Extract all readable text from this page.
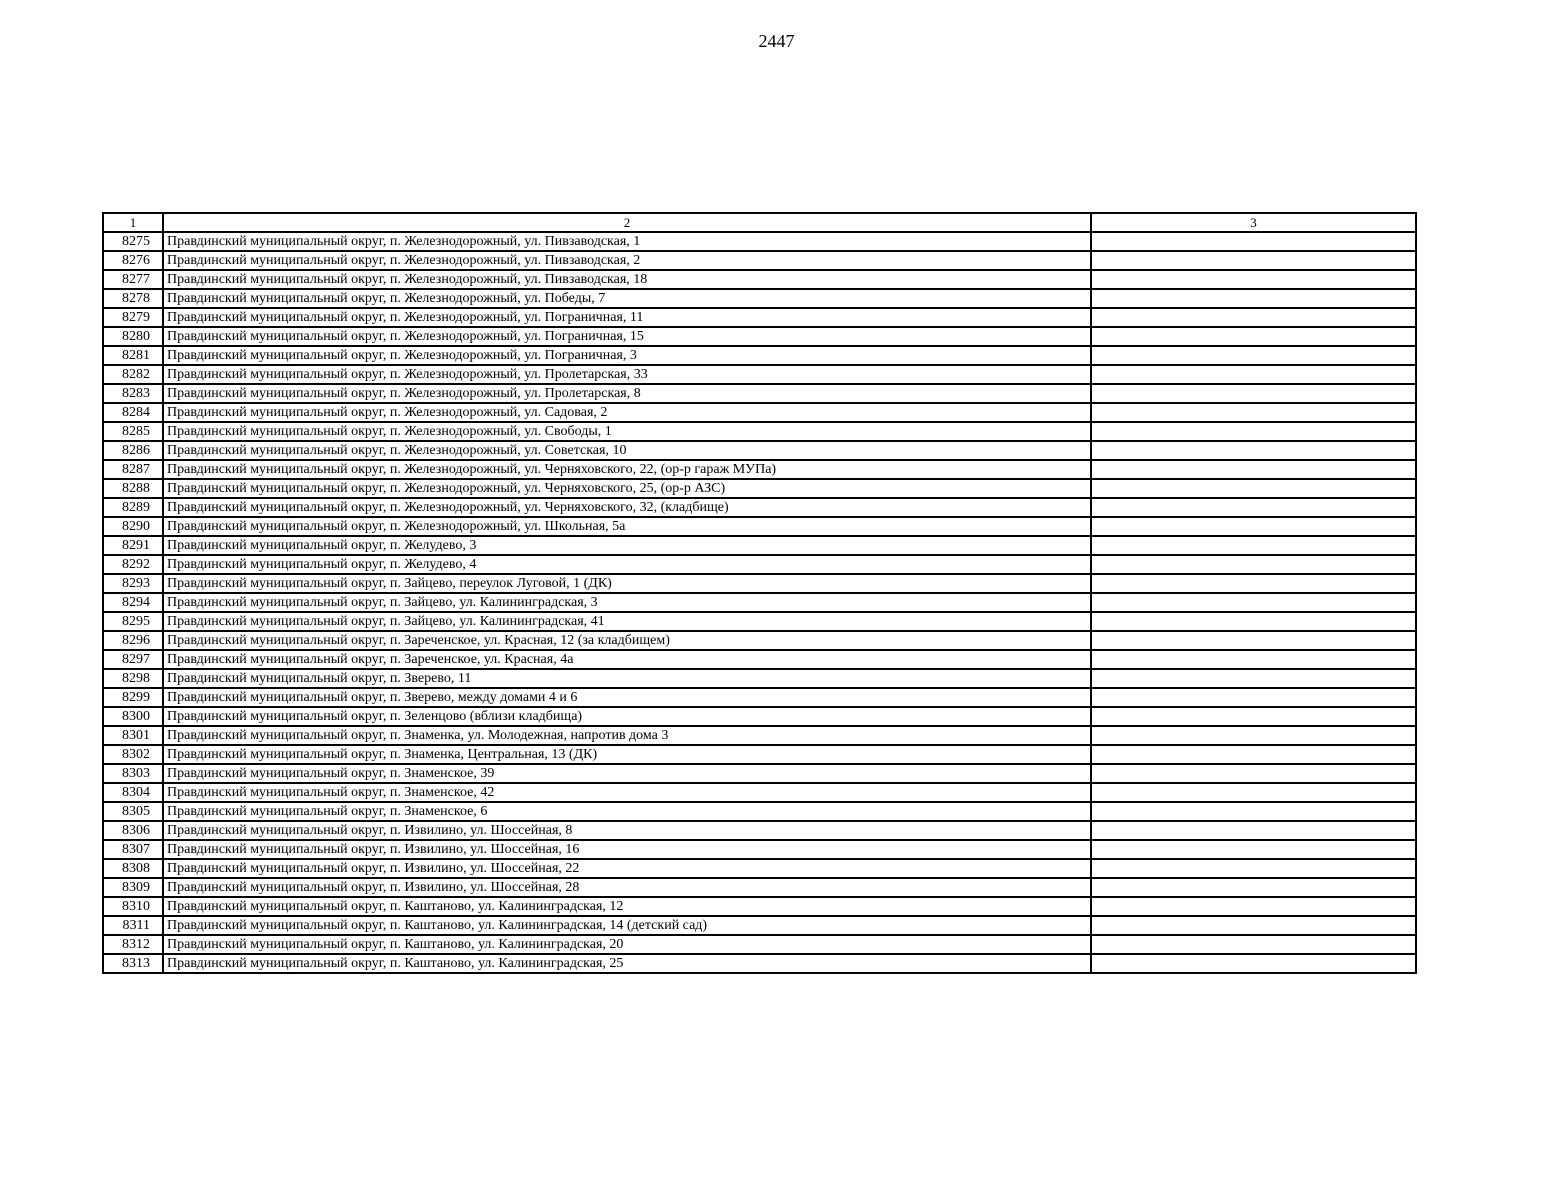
2447
1	2	3
8275	Правдинский муниципальный округ, п. Железнодорожный, ул. Пивзаводская, 1	
8276	Правдинский муниципальный округ, п. Железнодорожный, ул. Пивзаводская, 2	
8277	Правдинский муниципальный округ, п. Железнодорожный, ул. Пивзаводская, 18	
8278	Правдинский муниципальный округ, п. Железнодорожный, ул. Победы, 7	
8279	Правдинский муниципальный округ, п. Железнодорожный, ул. Пограничная, 11	
8280	Правдинский муниципальный округ, п. Железнодорожный, ул. Пограничная, 15	
8281	Правдинский муниципальный округ, п. Железнодорожный, ул. Пограничная, 3	
8282	Правдинский муниципальный округ, п. Железнодорожный, ул. Пролетарская, 33	
8283	Правдинский муниципальный округ, п. Железнодорожный, ул. Пролетарская, 8	
8284	Правдинский муниципальный округ, п. Железнодорожный, ул. Садовая, 2	
8285	Правдинский муниципальный округ, п. Железнодорожный, ул. Свободы, 1	
8286	Правдинский муниципальный округ, п. Железнодорожный, ул. Советская, 10	
8287	Правдинский муниципальный округ, п. Железнодорожный, ул. Черняховского, 22, (ор-р гараж МУПа)	
8288	Правдинский муниципальный округ, п. Железнодорожный, ул. Черняховского, 25, (ор-р АЗС)	
8289	Правдинский муниципальный округ, п. Железнодорожный, ул. Черняховского, 32, (кладбище)	
8290	Правдинский муниципальный округ, п. Железнодорожный, ул. Школьная, 5а	
8291	Правдинский муниципальный округ, п. Желудево, 3	
8292	Правдинский муниципальный округ, п. Желудево, 4	
8293	Правдинский муниципальный округ, п. Зайцево, переулок Луговой, 1 (ДК)	
8294	Правдинский муниципальный округ, п. Зайцево, ул. Калининградская, 3	
8295	Правдинский муниципальный округ, п. Зайцево, ул. Калининградская, 41	
8296	Правдинский муниципальный округ, п. Зареченское, ул. Красная, 12 (за кладбищем)	
8297	Правдинский муниципальный округ, п. Зареченское, ул. Красная, 4а	
8298	Правдинский муниципальный округ, п. Зверево, 11	
8299	Правдинский муниципальный округ, п. Зверево, между домами 4 и 6	
8300	Правдинский муниципальный округ, п. Зеленцово (вблизи кладбища)	
8301	Правдинский муниципальный округ, п. Знаменка, ул. Молодежная, напротив дома 3	
8302	Правдинский муниципальный округ, п. Знаменка, Центральная, 13 (ДК)	
8303	Правдинский муниципальный округ, п. Знаменское, 39	
8304	Правдинский муниципальный округ, п. Знаменское, 42	
8305	Правдинский муниципальный округ, п. Знаменское, 6	
8306	Правдинский муниципальный округ, п. Извилино, ул. Шоссейная, 8	
8307	Правдинский муниципальный округ, п. Извилино, ул. Шоссейная, 16	
8308	Правдинский муниципальный округ, п. Извилино, ул. Шоссейная, 22	
8309	Правдинский муниципальный округ, п. Извилино, ул. Шоссейная, 28	
8310	Правдинский муниципальный округ, п. Каштаново, ул. Калининградская, 12	
8311	Правдинский муниципальный округ, п. Каштаново, ул. Калининградская, 14 (детский сад)	
8312	Правдинский муниципальный округ, п. Каштаново, ул. Калининградская, 20	
8313	Правдинский муниципальный округ, п. Каштаново, ул. Калининградская, 25	
